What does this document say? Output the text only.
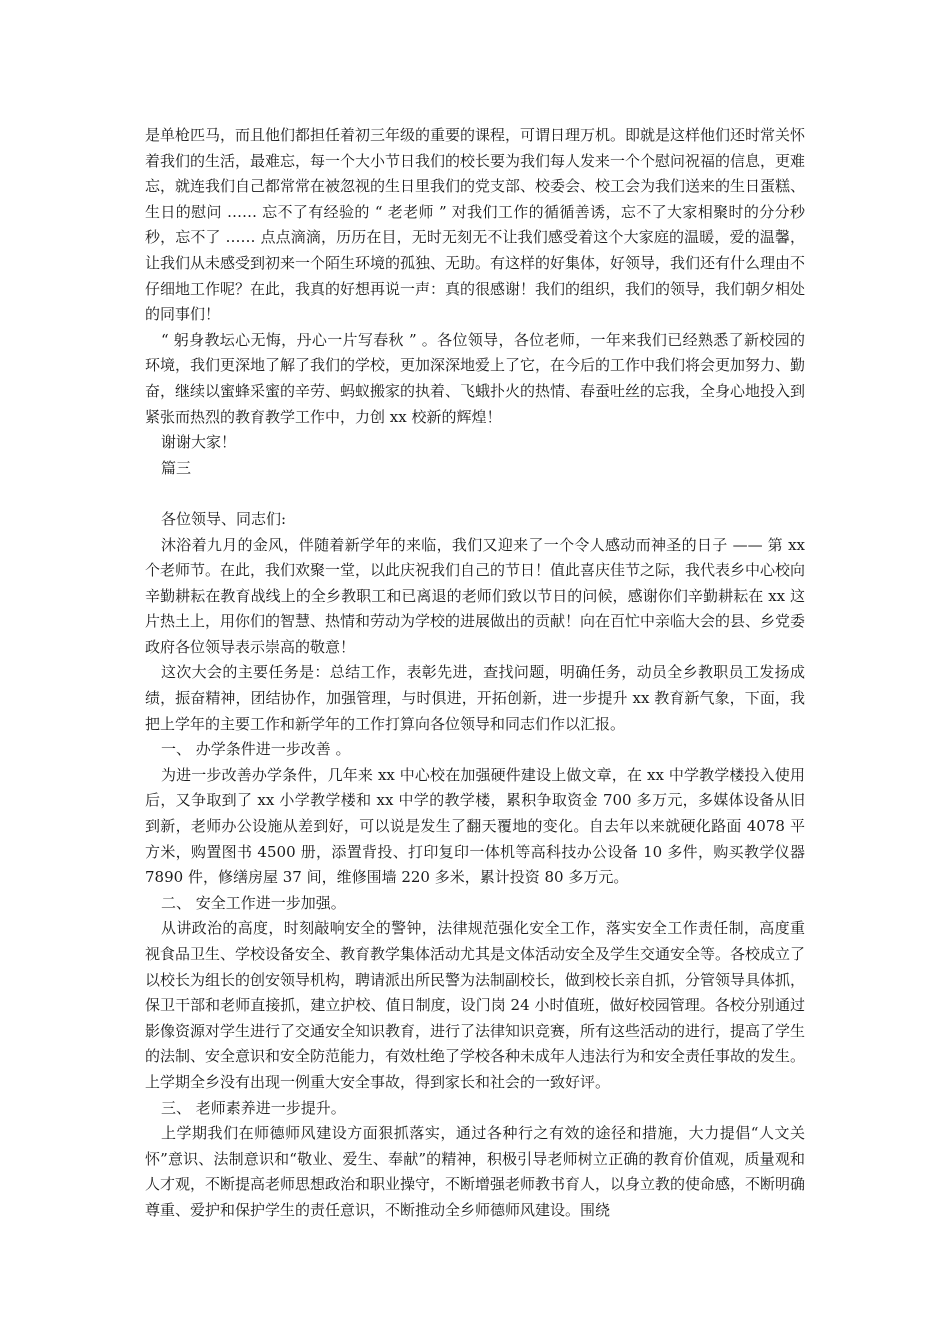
是单枪匹马，而且他们都担任着初三年级的重要的课程，可谓日理万机。即就是这样他们还时常关怀着我们的生活，最难忘，每一个大小节日我们的校长要为我们每人发来一个个慰问祝福的信息，更难忘，就连我们自己都常常在被忽视的生日里我们的党支部、校委会、校工会为我们送来的生日蛋糕、生日的慰问 …… 忘不了有经验的 “ 老老师 ” 对我们工作的循循善诱，忘不了大家相聚时的分分秒秒，忘不了 …… 点点滴滴，历历在目，无时无刻无不让我们感受着这个大家庭的温暖，爱的温馨，让我们从未感受到初来一个陌生环境的孤独、无助。有这样的好集体，好领导，我们还有什么理由不仔细地工作呢？在此，我真的好想再说一声：真的很感谢！我们的组织，我们的领导，我们朝夕相处的同事们！

“ 躬身教坛心无悔，丹心一片写春秋 ” 。各位领导，各位老师，一年来我们已经熟悉了新校园的环境，我们更深地了解了我们的学校，更加深深地爱上了它，在今后的工作中我们将会更加努力、勤奋，继续以蜜蜂采蜜的辛劳、蚂蚁搬家的执着、飞蛾扑火的热情、春蚕吐丝的忘我，全身心地投入到紧张而热烈的教育教学工作中，力创 xx 校新的辉煌！

谢谢大家！

篇三

各位领导、同志们:

沐浴着九月的金风，伴随着新学年的来临，我们又迎来了一个令人感动而神圣的日子 —— 第 xx 个老师节。在此，我们欢聚一堂，以此庆祝我们自己的节日！值此喜庆佳节之际，我代表乡中心校向辛勤耕耘在教育战线上的全乡教职工和已离退的老师们致以节日的问候，感谢你们辛勤耕耘在 xx 这片热土上，用你们的智慧、热情和劳动为学校的进展做出的贡献！向在百忙中亲临大会的县、乡党委政府各位领导表示崇高的敬意！

这次大会的主要任务是：总结工作，表彰先进，查找问题，明确任务，动员全乡教职员工发扬成绩，振奋精神，团结协作，加强管理，与时俱进，开拓创新，进一步提升 xx 教育新气象，下面，我把上学年的主要工作和新学年的工作打算向各位领导和同志们作以汇报。

一、 办学条件进一步改善 。

为进一步改善办学条件，几年来 xx 中心校在加强硬件建设上做文章，在 xx 中学教学楼投入使用后，又争取到了 xx 小学教学楼和 xx 中学的教学楼，累积争取资金 700 多万元，多媒体设备从旧到新，老师办公设施从差到好，可以说是发生了翻天覆地的变化。自去年以来就硬化路面 4078 平方米，购置图书 4500 册，添置背投、打印复印一体机等高科技办公设备 10 多件，购买教学仪器 7890 件，修缮房屋 37 间，维修围墙 220 多米，累计投资 80 多万元。

二、 安全工作进一步加强。

从讲政治的高度，时刻敲响安全的警钟，法律规范强化安全工作，落实安全工作责任制，高度重视食品卫生、学校设备安全、教育教学集体活动尤其是文体活动安全及学生交通安全等。各校成立了以校长为组长的创安领导机构，聘请派出所民警为法制副校长，做到校长亲自抓，分管领导具体抓，保卫干部和老师直接抓，建立护校、值日制度，设门岗 24 小时值班，做好校园管理。各校分别通过影像资源对学生进行了交通安全知识教育，进行了法律知识竞赛，所有这些活动的进行，提高了学生的法制、安全意识和安全防范能力，有效杜绝了学校各种未成年人违法行为和安全责任事故的发生。上学期全乡没有出现一例重大安全事故，得到家长和社会的一致好评。

三、 老师素养进一步提升。

上学期我们在师德师风建设方面狠抓落实，通过各种行之有效的途径和措施，大力提倡“人文关怀”意识、法制意识和“敬业、爱生、奉献”的精神，积极引导老师树立正确的教育价值观，质量观和人才观，不断提高老师思想政治和职业操守，不断增强老师教书育人，以身立教的使命感，不断明确尊重、爱护和保护学生的责任意识，不断推动全乡师德师风建设。围绕
